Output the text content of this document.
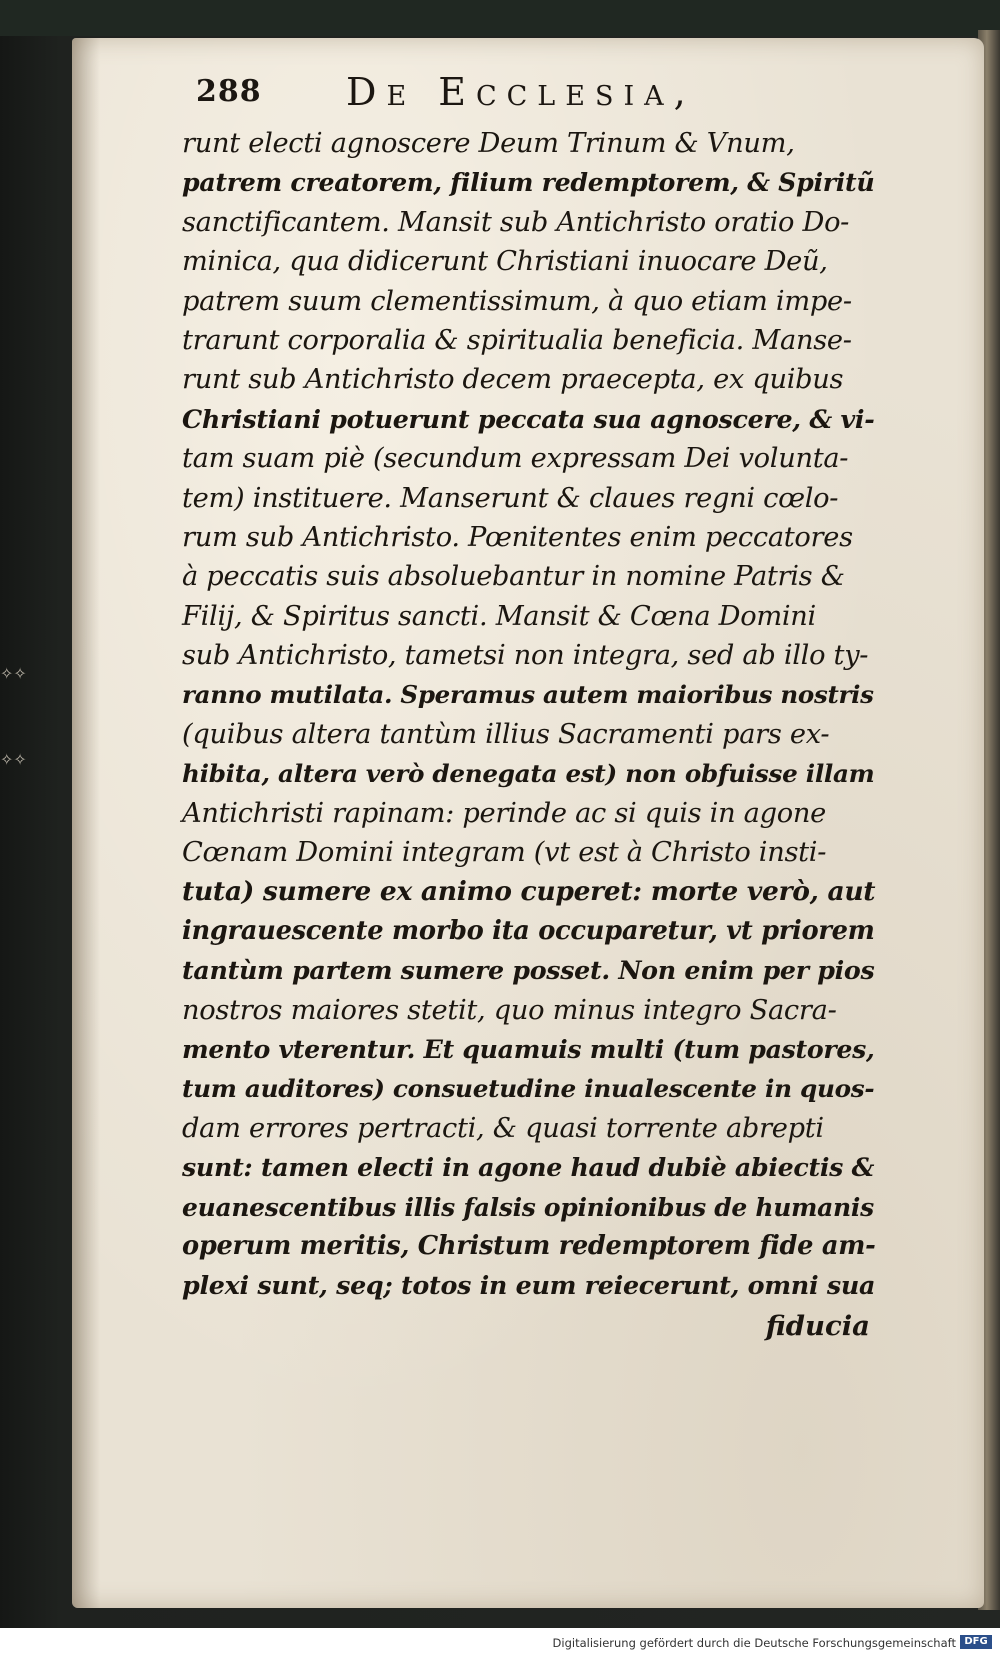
✧✧
✧✧
288 De Ecclesia,
runt electi agnoscere Deum Trinum & Vnum,
patrem creatorem, filium redemptorem, & Spiritũ
sanctificantem. Mansit sub Antichristo oratio Do-
minica, qua didicerunt Christiani inuocare Deũ,
patrem suum clementissimum, à quo etiam impe-
trarunt corporalia & spiritualia beneficia. Manse-
runt sub Antichristo decem praecepta, ex quibus
Christiani potuerunt peccata sua agnoscere, & vi-
tam suam piè (secundum expressam Dei volunta-
tem) instituere. Manserunt & claues regni cœlo-
rum sub Antichristo. Pœnitentes enim peccatores
à peccatis suis absoluebantur in nomine Patris &
Filij, & Spiritus sancti. Mansit & Cœna Domini
sub Antichristo, tametsi non integra, sed ab illo ty-
ranno mutilata. Speramus autem maioribus nostris
(quibus altera tantùm illius Sacramenti pars ex-
hibita, altera verò denegata est) non obfuisse illam
Antichristi rapinam: perinde ac si quis in agone
Cœnam Domini integram (vt est à Christo insti-
tuta) sumere ex animo cuperet: morte verò, aut
ingrauescente morbo ita occuparetur, vt priorem
tantùm partem sumere posset. Non enim per pios
nostros maiores stetit, quo minus integro Sacra-
mento vterentur. Et quamuis multi (tum pastores,
tum auditores) consuetudine inualescente in quos-
dam errores pertracti, & quasi torrente abrepti
sunt: tamen electi in agone haud dubiè abiectis &
euanescentibus illis falsis opinionibus de humanis
operum meritis, Christum redemptorem fide am-
plexi sunt, seq; totos in eum reiecerunt, omni sua
fiducia
Digitalisierung gefördert durch die Deutsche Forschungsgemeinschaft DFG
